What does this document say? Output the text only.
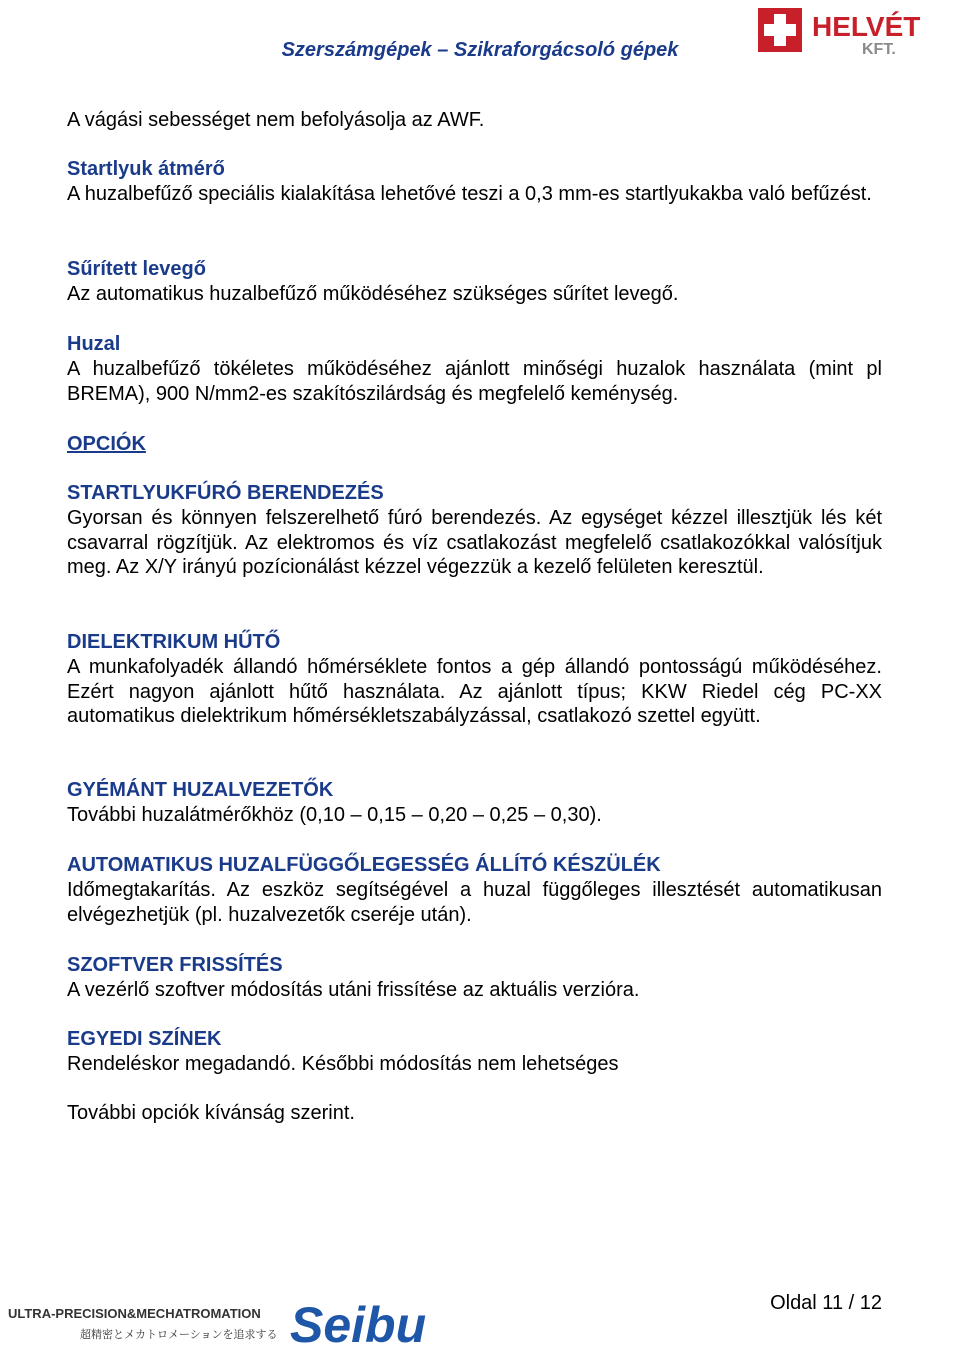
Szerszámgépek – Szikraforgácsoló gépek
HELVÉT
KFT.

A vágási sebességet nem befolyásolja az AWF.

Startlyuk átmérő

A huzalbefűző speciális kialakítása lehetővé teszi a 0,3 mm-es startlyukakba való befűzést.

Sűrített levegő

Az automatikus huzalbefűző működéséhez szükséges sűrítet levegő.

Huzal

A huzalbefűző tökéletes működéséhez ajánlott minőségi huzalok használata (mint pl BREMA), 900 N/mm2-es szakítószilárdság és megfelelő keménység.

OPCIÓK

STARTLYUKFÚRÓ BERENDEZÉS

Gyorsan és könnyen felszerelhető fúró berendezés. Az egységet kézzel illesztjük lés két csavarral rögzítjük. Az elektromos és víz csatlakozást megfelelő csatlakozókkal valósítjuk meg. Az X/Y irányú pozícionálást kézzel végezzük a kezelő felületen keresztül.

DIELEKTRIKUM HŰTŐ

A munkafolyadék állandó hőmérséklete fontos a gép állandó pontosságú működéséhez. Ezért nagyon ajánlott hűtő használata. Az ajánlott típus; KKW Riedel cég PC-XX automatikus dielektrikum hőmérsékletszabályzással, csatlakozó szettel együtt.

GYÉMÁNT HUZALVEZETŐK

További huzalátmérőkhöz (0,10 – 0,15 – 0,20 – 0,25 – 0,30).

AUTOMATIKUS HUZALFÜGGŐLEGESSÉG ÁLLÍTÓ KÉSZÜLÉK

Időmegtakarítás. Az eszköz segítségével a huzal függőleges illesztését automatikusan elvégezhetjük (pl. huzalvezetők cseréje után).

SZOFTVER FRISSÍTÉS

A vezérlő szoftver módosítás utáni frissítése az aktuális verzióra.

EGYEDI SZÍNEK

Rendeléskor megadandó. Későbbi módosítás nem lehetséges

További opciók kívánság szerint.

Oldal 11 / 12
ULTRA-PRECISION&MECHATROMATION
超精密とメカトロメーションを追求する Seibu
